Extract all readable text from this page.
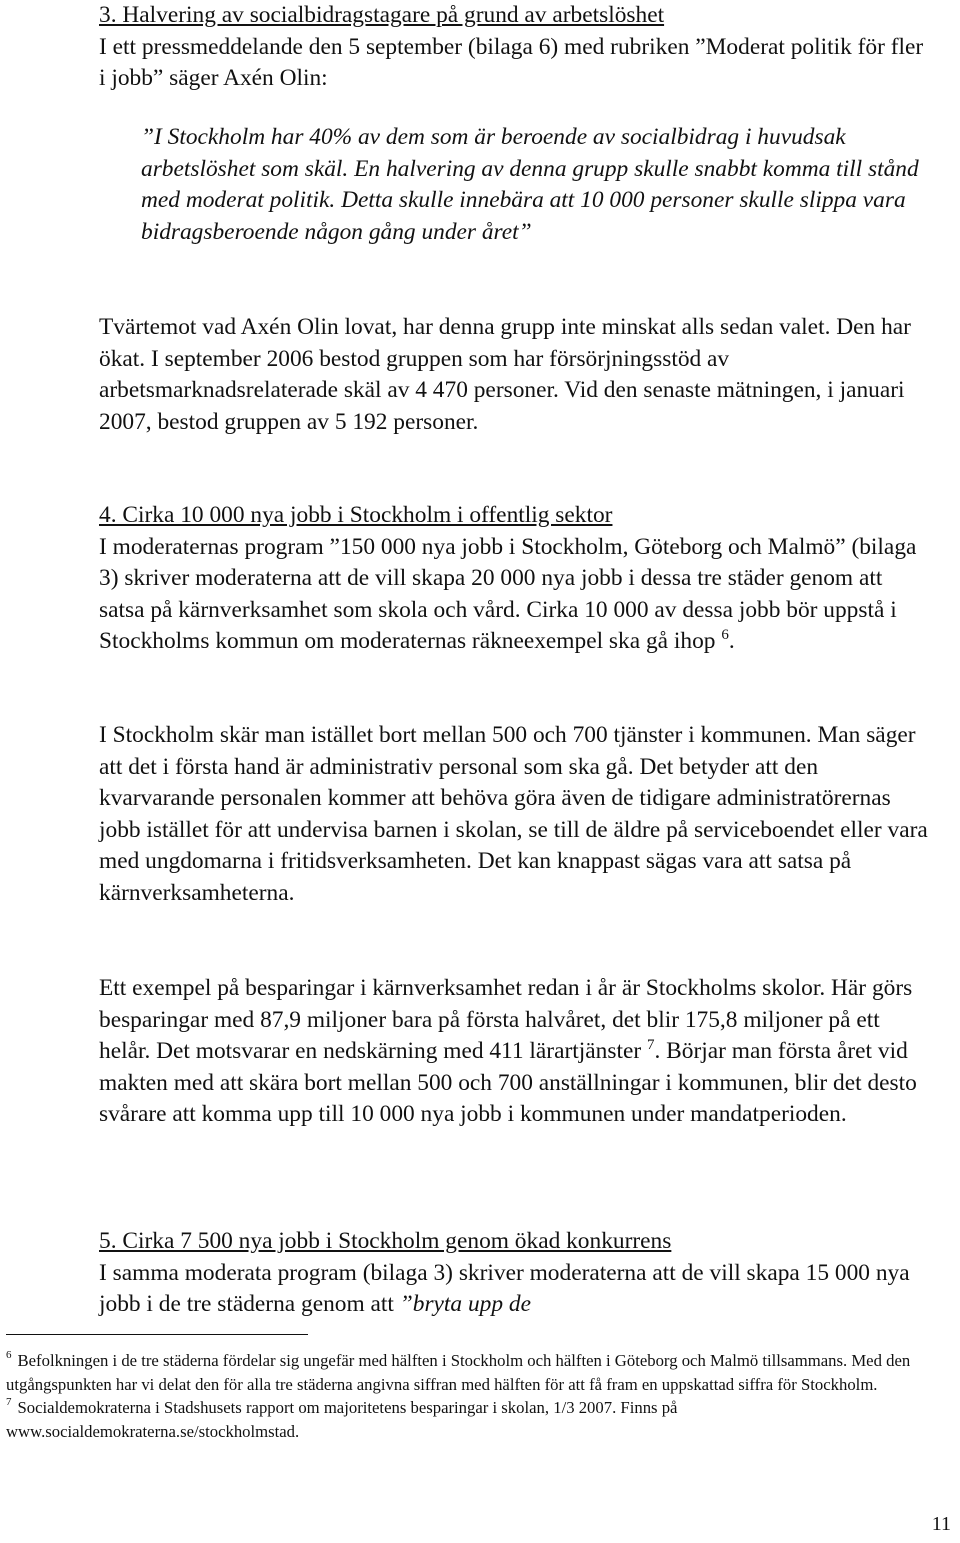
3. Halvering av socialbidragstagare på grund av arbetslöshet

I ett pressmeddelande den 5 september (bilaga 6) med rubriken ”Moderat politik för fler i jobb” säger Axén Olin:

”I Stockholm har 40% av dem som är beroende av socialbidrag i huvudsak arbetslöshet som skäl. En halvering av denna grupp skulle snabbt komma till stånd med moderat politik. Detta skulle innebära att 10 000 personer skulle slippa vara bidragsberoende någon gång under året”

Tvärtemot vad Axén Olin lovat, har denna grupp inte minskat alls sedan valet. Den har ökat. I september 2006 bestod gruppen som har försörjningsstöd av arbetsmarknadsrelaterade skäl av 4 470 personer. Vid den senaste mätningen, i januari 2007, bestod gruppen av 5 192 personer.

4. Cirka 10 000 nya jobb i Stockholm i offentlig sektor

I moderaternas program ”150 000 nya jobb i Stockholm, Göteborg och Malmö” (bilaga 3) skriver moderaterna att de vill skapa 20 000 nya jobb i dessa tre städer genom att satsa på kärnverksamhet som skola och vård. Cirka 10 000 av dessa jobb bör uppstå i Stockholms kommun om moderaternas räkneexempel ska gå ihop $^6$.

I Stockholm skär man istället bort mellan 500 och 700 tjänster i kommunen. Man säger att det i första hand är administrativ personal som ska gå. Det betyder att den kvarvarande personalen kommer att behöva göra även de tidigare administratörernas jobb istället för att undervisa barnen i skolan, se till de äldre på serviceboendet eller vara med ungdomarna i fritidsverksamheten. Det kan knappast sägas vara att satsa på kärnverksamheterna.

Ett exempel på besparingar i kärnverksamhet redan i år är Stockholms skolor. Här görs besparingar med 87,9 miljoner bara på första halvåret, det blir 175,8 miljoner på ett helår. Det motsvarar en nedskärning med 411 lärartjänster $^7$. Börjar man första året vid makten med att skära bort mellan 500 och 700 anställningar i kommunen, blir det desto svårare att komma upp till 10 000 nya jobb i kommunen under mandatperioden.

5. Cirka 7 500 nya jobb i Stockholm genom ökad konkurrens

I samma moderata program (bilaga 3) skriver moderaterna att de vill skapa 15 000 nya jobb i de tre städerna genom att ”bryta upp de

$^6$ Befolkningen i de tre städerna fördelar sig ungefär med hälften i Stockholm och hälften i Göteborg och Malmö tillsammans. Med den utgångspunkten har vi delat den för alla tre städerna angivna siffran med hälften för att få fram en uppskattad siffra för Stockholm.

$^7$ Socialdemokraterna i Stadshusets rapport om majoritetens besparingar i skolan, 1/3 2007. Finns på www.socialdemokraterna.se/stockholmstad.

11
